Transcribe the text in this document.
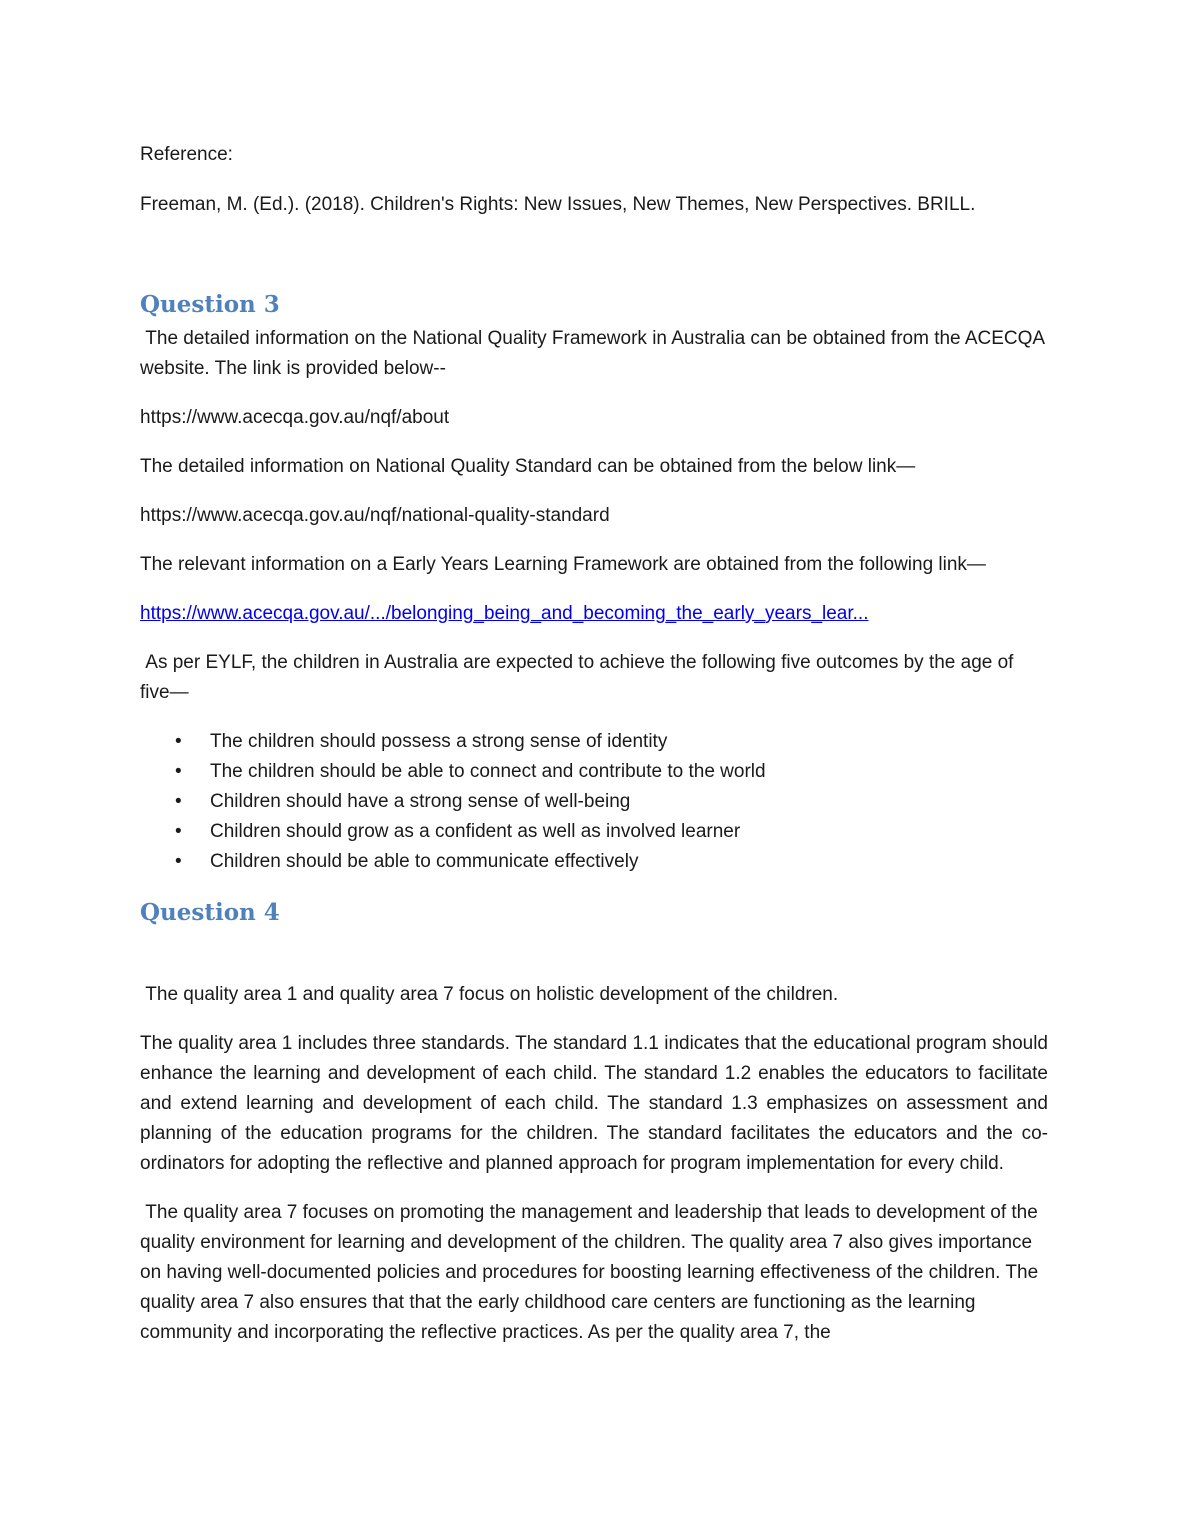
Reference:

Freeman, M. (Ed.). (2018). Children's Rights: New Issues, New Themes, New Perspectives. BRILL.

Question 3

The detailed information on the National Quality Framework in Australia can be obtained from the ACECQA website. The link is provided below--

https://www.acecqa.gov.au/nqf/about

The detailed information on National Quality Standard can be obtained from the below link—

https://www.acecqa.gov.au/nqf/national-quality-standard

The relevant information on a Early Years Learning Framework are obtained from the following link—

https://www.acecqa.gov.au/.../belonging_being_and_becoming_the_early_years_lear...

As per EYLF, the children in Australia are expected to achieve the following five outcomes by the age of five—

• The children should possess a strong sense of identity
• The children should be able to connect and contribute to the world
• Children should have a strong sense of well-being
• Children should grow as a confident as well as involved learner
• Children should be able to communicate effectively
Question 4

The quality area 1 and quality area 7 focus on holistic development of the children.

The quality area 1 includes three standards. The standard 1.1 indicates that the educational program should enhance the learning and development of each child. The standard 1.2 enables the educators to facilitate and extend learning and development of each child. The standard 1.3 emphasizes on assessment and planning of the education programs for the children. The standard facilitates the educators and the co-ordinators for adopting the reflective and planned approach for program implementation for every child.

The quality area 7 focuses on promoting the management and leadership that leads to development of the quality environment for learning and development of the children. The quality area 7 also gives importance on having well-documented policies and procedures for boosting learning effectiveness of the children. The quality area 7 also ensures that that the early childhood care centers are functioning as the learning community and incorporating the reflective practices. As per the quality area 7, the
